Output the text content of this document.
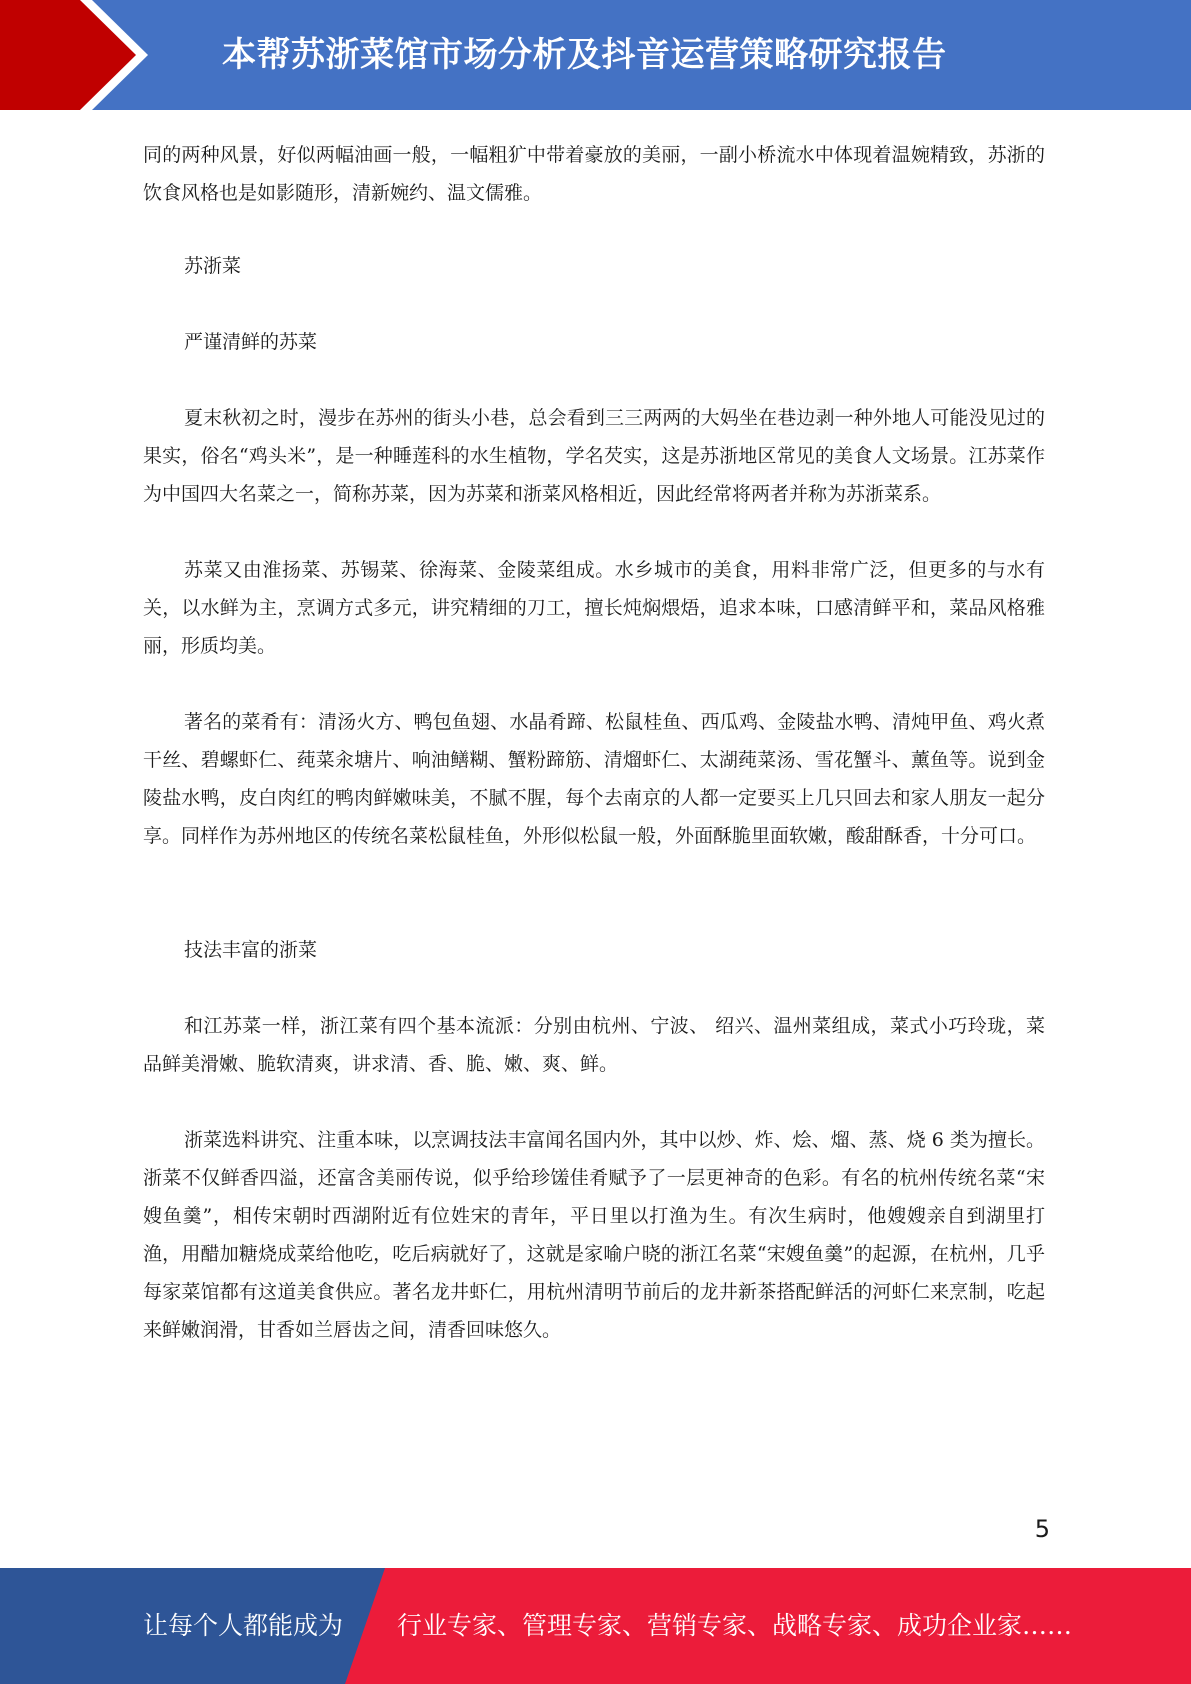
本帮苏浙菜馆市场分析及抖音运营策略研究报告

同的两种风景，好似两幅油画一般，一幅粗犷中带着豪放的美丽，一副小桥流水中体现着温婉精致，苏浙的饮食风格也是如影随形，清新婉约、温文儒雅。

苏浙菜

严谨清鲜的苏菜

夏末秋初之时，漫步在苏州的街头小巷，总会看到三三两两的大妈坐在巷边剥一种外地人可能没见过的果实，俗名“鸡头米”，是一种睡莲科的水生植物，学名芡实，这是苏浙地区常见的美食人文场景。江苏菜作为中国四大名菜之一，简称苏菜，因为苏菜和浙菜风格相近，因此经常将两者并称为苏浙菜系。

苏菜又由淮扬菜、苏锡菜、徐海菜、金陵菜组成。水乡城市的美食，用料非常广泛，但更多的与水有关，以水鲜为主，烹调方式多元，讲究精细的刀工，擅长炖焖煨焐，追求本味，口感清鲜平和，菜品风格雅丽，形质均美。

著名的菜肴有：清汤火方、鸭包鱼翅、水晶肴蹄、松鼠桂鱼、西瓜鸡、金陵盐水鸭、清炖甲鱼、鸡火煮干丝、碧螺虾仁、莼菜汆塘片、响油鳝糊、蟹粉蹄筋、清熘虾仁、太湖莼菜汤、雪花蟹斗、薰鱼等。说到金陵盐水鸭，皮白肉红的鸭肉鲜嫩味美，不腻不腥，每个去南京的人都一定要买上几只回去和家人朋友一起分享。同样作为苏州地区的传统名菜松鼠桂鱼，外形似松鼠一般，外面酥脆里面软嫩，酸甜酥香，十分可口。

技法丰富的浙菜

和江苏菜一样，浙江菜有四个基本流派：分别由杭州、宁波、 绍兴、温州菜组成，菜式小巧玲珑，菜品鲜美滑嫩、脆软清爽，讲求清、香、脆、嫩、爽、鲜。

浙菜选料讲究、注重本味，以烹调技法丰富闻名国内外，其中以炒、炸、烩、熘、蒸、烧 6 类为擅长。浙菜不仅鲜香四溢，还富含美丽传说，似乎给珍馐佳肴赋予了一层更神奇的色彩。有名的杭州传统名菜“宋嫂鱼羹”，相传宋朝时西湖附近有位姓宋的青年，平日里以打渔为生。有次生病时，他嫂嫂亲自到湖里打渔，用醋加糖烧成菜给他吃，吃后病就好了，这就是家喻户晓的浙江名菜“宋嫂鱼羹”的起源，在杭州，几乎每家菜馆都有这道美食供应。著名龙井虾仁，用杭州清明节前后的龙井新茶搭配鲜活的河虾仁来烹制，吃起来鲜嫩润滑，甘香如兰唇齿之间，清香回味悠久。

5
让每个人都能成为 行业专家、管理专家、营销专家、战略专家、成功企业家……
